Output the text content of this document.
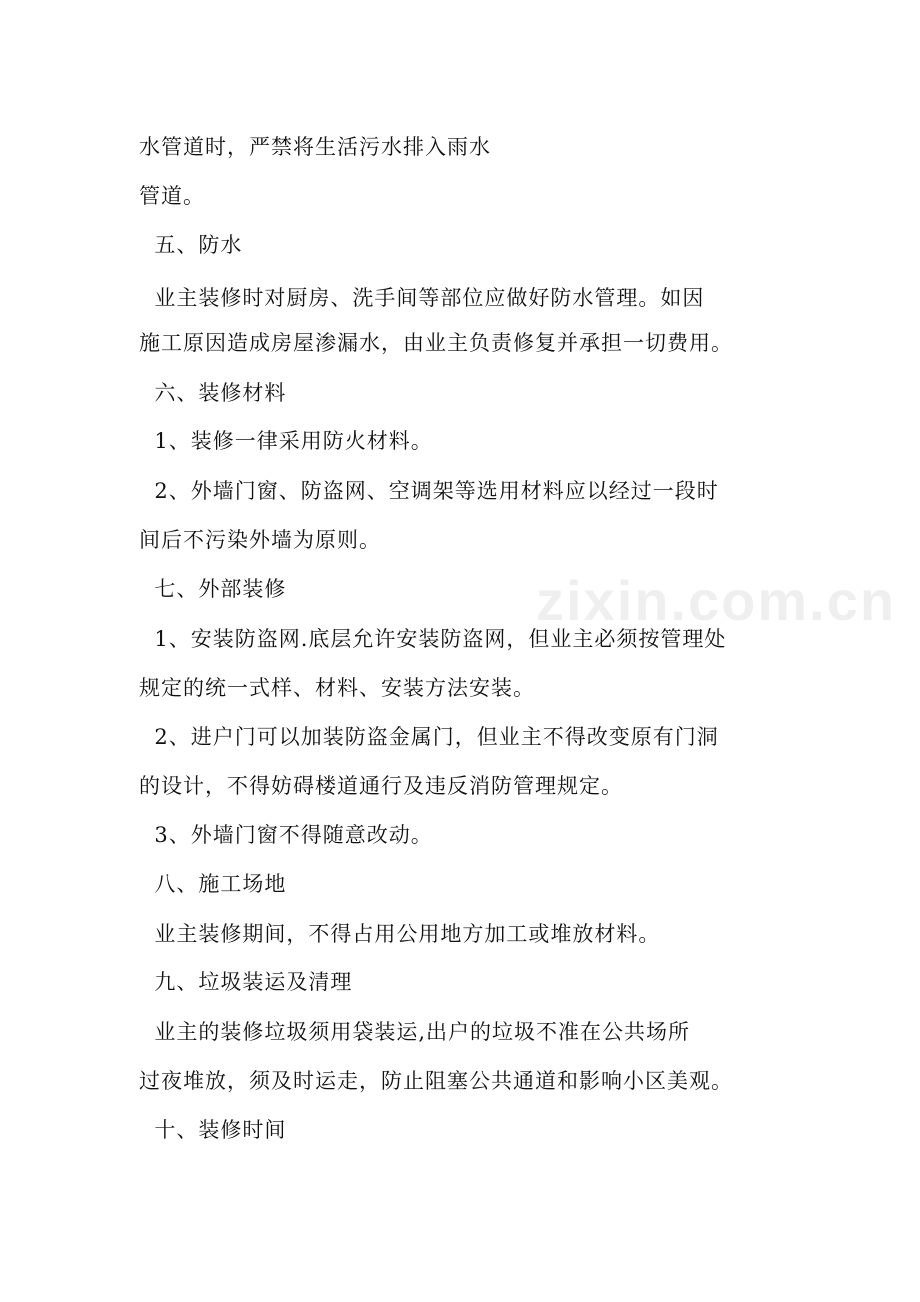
水管道时，严禁将生活污水排入雨水
管道。
五、防水
业主装修时对厨房、洗手间等部位应做好防水管理。如因
施工原因造成房屋渗漏水，由业主负责修复并承担一切费用。
六、装修材料
1、装修一律采用防火材料。
2、外墙门窗、防盗网、空调架等选用材料应以经过一段时
间后不污染外墙为原则。
七、外部装修
1、安装防盗网.底层允许安装防盗网，但业主必须按管理处
规定的统一式样、材料、安装方法安装。
2、进户门可以加装防盗金属门，但业主不得改变原有门洞
的设计，不得妨碍楼道通行及违反消防管理规定。
3、外墙门窗不得随意改动。
八、施工场地
业主装修期间，不得占用公用地方加工或堆放材料。
九、垃圾装运及清理
业主的装修垃圾须用袋装运,出户的垃圾不准在公共场所
过夜堆放，须及时运走，防止阻塞公共通道和影响小区美观。
十、装修时间
zixin.com.cn
